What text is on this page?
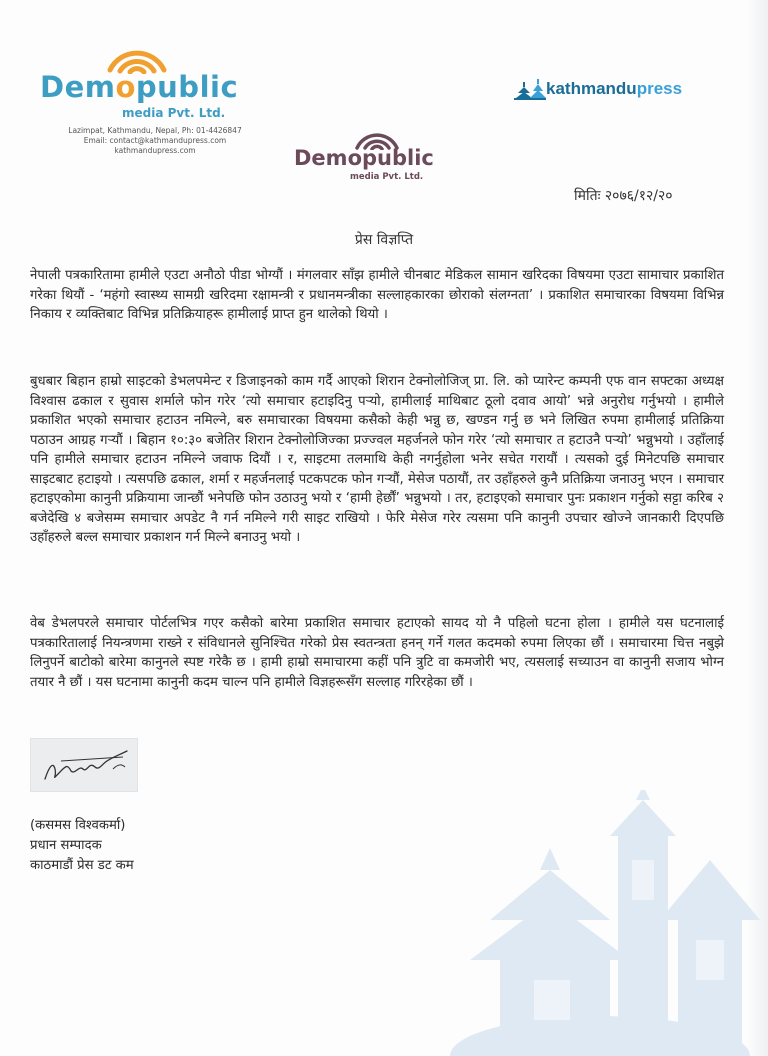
Demopublic
media Pvt. Ltd.
Lazimpat, Kathmandu, Nepal, Ph: 01-4426847
Email: contact@kathmandupress.com
kathmandupress.com
kathmandupress
Demopublic
media Pvt. Ltd.
मितिः २०७६/१२/२०
प्रेस विज्ञप्ति
नेपाली पत्रकारितामा हामीले एउटा अनौठो पीडा भोग्यौं । मंगलवार साँझ हामीले चीनबाट मेडिकल सामान खरिदका विषयमा एउटा सामाचार प्रकाशित गरेका थियौं - ‘महंगो स्वास्थ्य सामग्री खरिदमा रक्षामन्त्री र प्रधानमन्त्रीका सल्लाहकारका छोराको संलग्नता’ । प्रकाशित समाचारका विषयमा विभिन्न निकाय र व्यक्तिबाट विभिन्न प्रतिक्रियाहरू हामीलाई प्राप्त हुन थालेको थियो ।
बुधबार बिहान हाम्रो साइटको डेभलपमेन्ट र डिजाइनको काम गर्दै आएको शिरान टेक्नोलोजिज् प्रा. लि. को प्यारेन्ट कम्पनी एफ वान सफ्टका अध्यक्ष विश्वास ढकाल र सुवास शर्माले फोन गरेर ‘त्यो समाचार हटाइदिनु पऱ्यो, हामीलाई माथिबाट ठूलो दवाव आयो’ भन्ने अनुरोध गर्नुभयो । हामीले प्रकाशित भएको समाचार हटाउन नमिल्ने, बरु समाचारका विषयमा कसैको केही भन्नु छ, खण्डन गर्नु छ भने लिखित रुपमा हामीलाई प्रतिक्रिया पठाउन आग्रह गऱ्यौं । बिहान १०:३० बजेतिर शिरान टेक्नोलोजिज्का प्रज्ज्वल महर्जनले फोन गरेर ‘त्यो समाचार त हटाउनै पऱ्यो’ भन्नुभयो । उहाँलाई पनि हामीले समाचार हटाउन नमिल्ने जवाफ दियौं । र, साइटमा तलमाथि केही नगर्नुहोला भनेर सचेत गरायौं । त्यसको दुई मिनेटपछि समाचार साइटबाट हटाइयो । त्यसपछि ढकाल, शर्मा र महर्जनलाई पटकपटक फोन गऱ्यौं, मेसेज पठायौं, तर उहाँहरुले कुनै प्रतिक्रिया जनाउनु भएन । समाचार हटाइएकोमा कानुनी प्रक्रियामा जान्छौं भनेपछि फोन उठाउनु भयो र ‘हामी हेर्छौं’ भन्नुभयो । तर, हटाइएको समाचार पुनः प्रकाशन गर्नुको सट्टा करिब २ बजेदेखि ४ बजेसम्म समाचार अपडेट नै गर्न नमिल्ने गरी साइट राखियो । फेरि मेसेज गरेर त्यसमा पनि कानुनी उपचार खोज्ने जानकारी दिएपछि उहाँहरुले बल्ल समाचार प्रकाशन गर्न मिल्ने बनाउनु भयो ।
वेब डेभलपरले समाचार पोर्टलभित्र गएर कसैको बारेमा प्रकाशित समाचार हटाएको सायद यो नै पहिलो घटना होला । हामीले यस घटनालाई पत्रकारितालाई नियन्त्रणमा राख्ने र संविधानले सुनिश्चित गरेको प्रेस स्वतन्त्रता हनन् गर्ने गलत कदमको रुपमा लिएका छौं । समाचारमा चित्त नबुझे लिनुपर्ने बाटोको बारेमा कानुनले स्पष्ट गरेकै छ । हामी हाम्रो समाचारमा कहीं पनि त्रुटि वा कमजोरी भए, त्यसलाई सच्याउन वा कानुनी सजाय भोग्न तयार नै छौं । यस घटनामा कानुनी कदम चाल्न पनि हामीले विज्ञहरूसँग सल्लाह गरिरहेका छौं ।
(कसमस विश्वकर्मा)
प्रधान सम्पादक
काठमाडौं प्रेस डट कम
